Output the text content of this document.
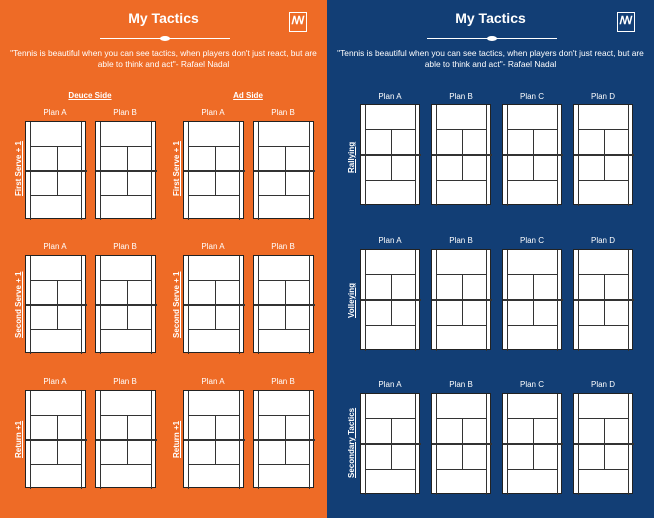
My Tactics	ꟿ
"Tennis is beautiful when you can see tactics, when players don't just react, but are able to think and act"- Rafael Nadal
Deuce Side	Ad Side
Plan A	Plan B	Plan A	Plan B
First Serve + 1	First Serve + 1
Plan A	Plan B	Plan A	Plan B
Second Serve + 1	Second Serve + 1
Plan A	Plan B	Plan A	Plan B
Return +1	Return +1
My Tactics	ꟿ
"Tennis is beautiful when you can see tactics, when players don't just react, but are able to think and act"- Rafael Nadal
Plan A	Plan B	Plan C	Plan D
Rallying
Plan A	Plan B	Plan C	Plan D
Volleying
Plan A	Plan B	Plan C	Plan D
Secondary Tactics
